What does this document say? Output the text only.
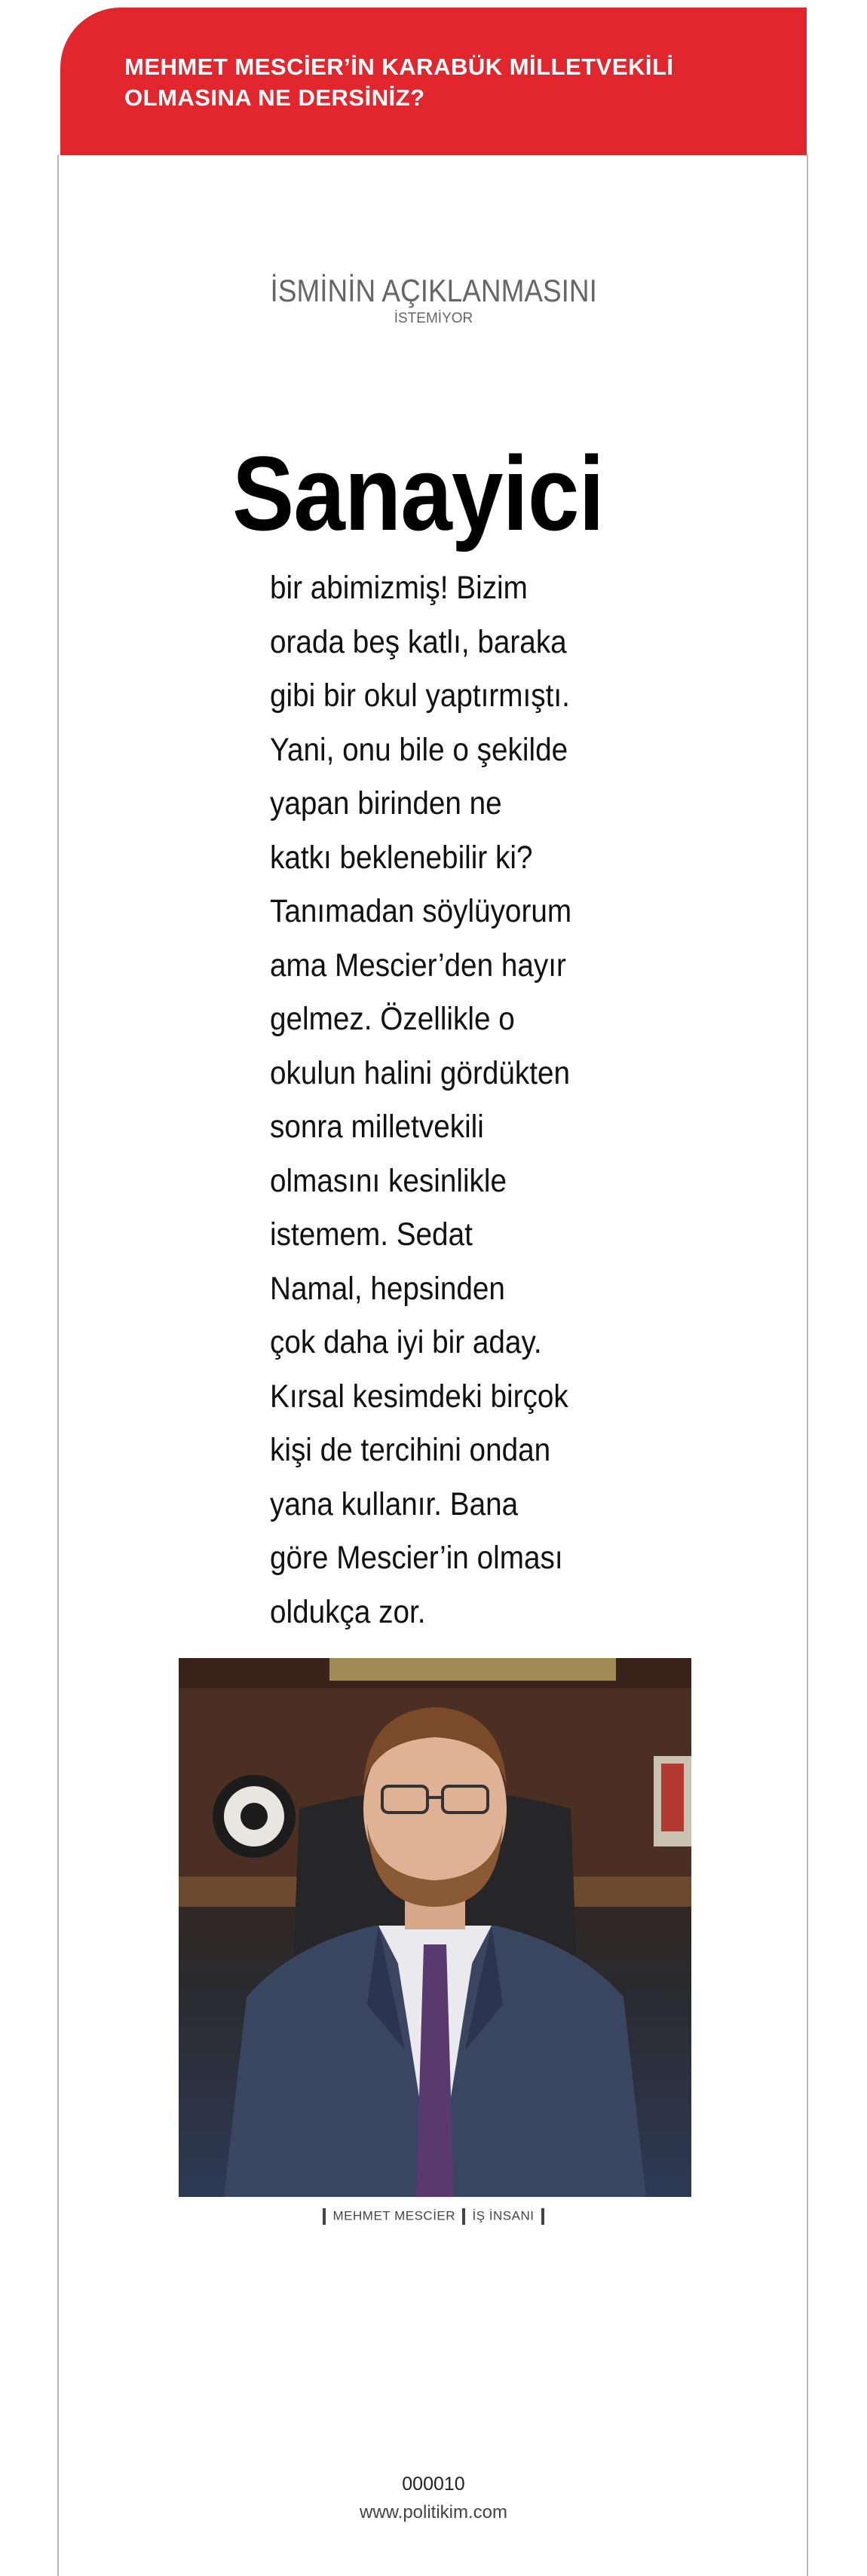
MEHMET MESCİER’İN KARABÜK MİLLETVEKİLİ OLMASINA NE DERSİNİZ?
İSMİNİN AÇIKLANMASINI
İSTEMİYOR
Sanayici
bir abimizmiş! Bizim
orada beş katlı, baraka
gibi bir okul yaptırmıştı.
Yani, onu bile o şekilde
yapan birinden ne
katkı beklenebilir ki?
Tanımadan söylüyorum
ama Mescier’den hayır
gelmez. Özellikle o
okulun halini gördükten
sonra milletvekili
olmasını kesinlikle
istemem. Sedat
Namal, hepsinden
çok daha iyi bir aday.
Kırsal kesimdeki birçok
kişi de tercihini ondan
yana kullanır. Bana
göre Mescier’in olması
oldukça zor.
MEHMET MESCİER İŞ İNSANI
000010
www.politikim.com
